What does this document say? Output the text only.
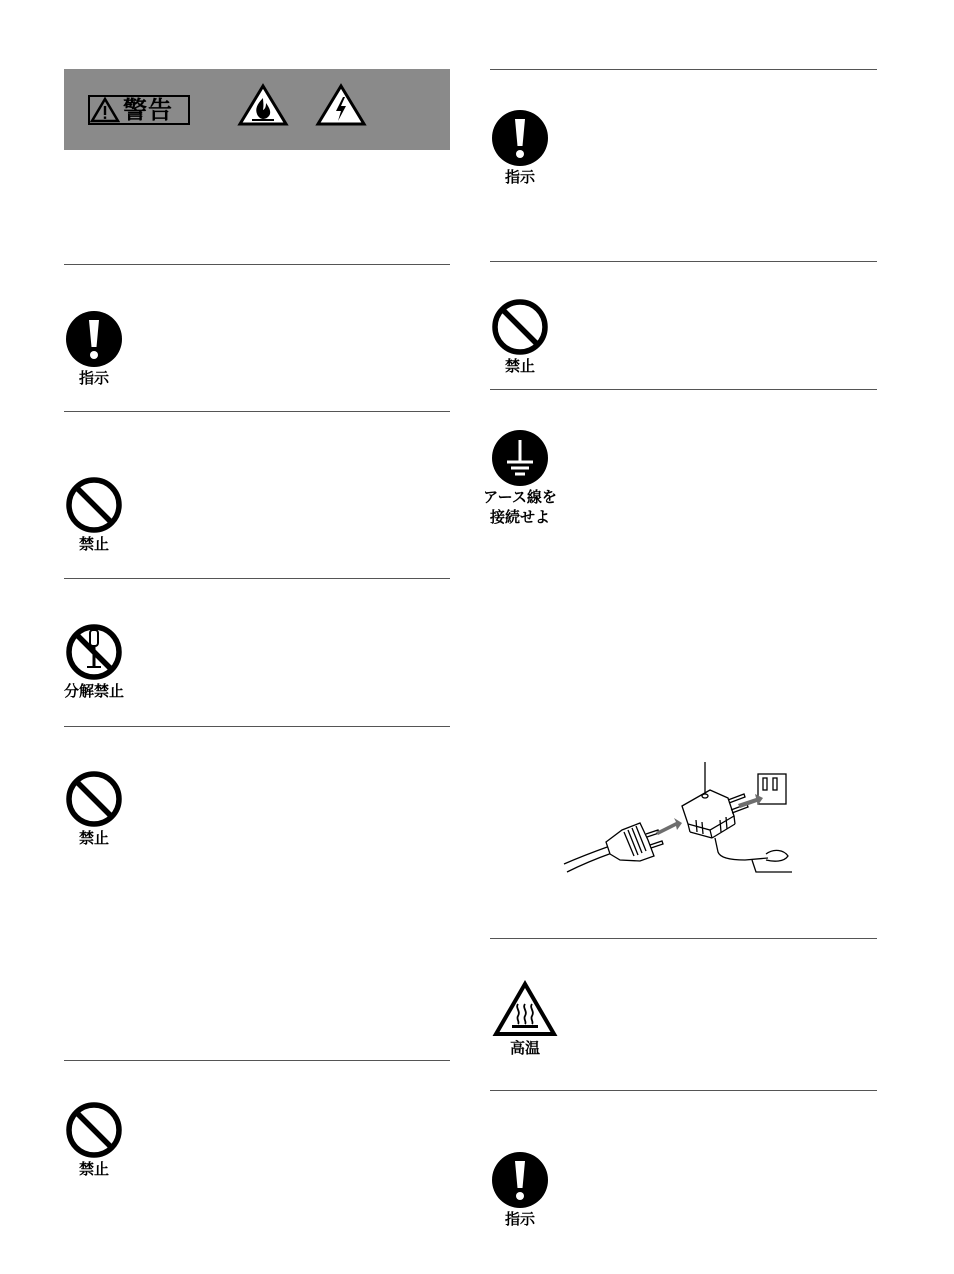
警告
指示
禁止
分解禁止
禁止
禁止
指示
禁止
アース線を
接続せよ
高温
指示
